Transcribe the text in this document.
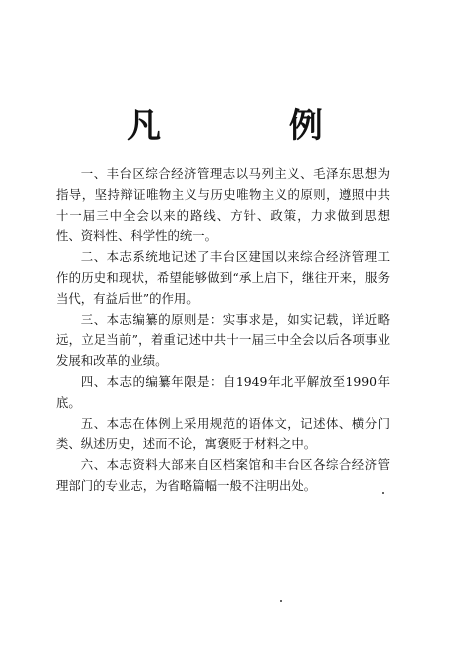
凡 例

一、丰台区综合经济管理志以马列主义、毛泽东思想为指导，坚持辩证唯物主义与历史唯物主义的原则，遵照中共十一届三中全会以来的路线、方针、政策，力求做到思想性、资料性、科学性的统一。

二、本志系统地记述了丰台区建国以来综合经济管理工作的历史和现状，希望能够做到“承上启下，继往开来，服务当代，有益后世”的作用。

三、本志编纂的原则是：实事求是，如实记载，详近略远，立足当前”，着重记述中共十一届三中全会以后各项事业发展和改革的业绩。

四、本志的编纂年限是：自1949年北平解放至1990年底。

五、本志在体例上采用规范的语体文，记述体、横分门类、纵述历史，述而不论，寓褒贬于材料之中。

六、本志资料大部来自区档案馆和丰台区各综合经济管理部门的专业志，为省略篇幅一般不注明出处。
